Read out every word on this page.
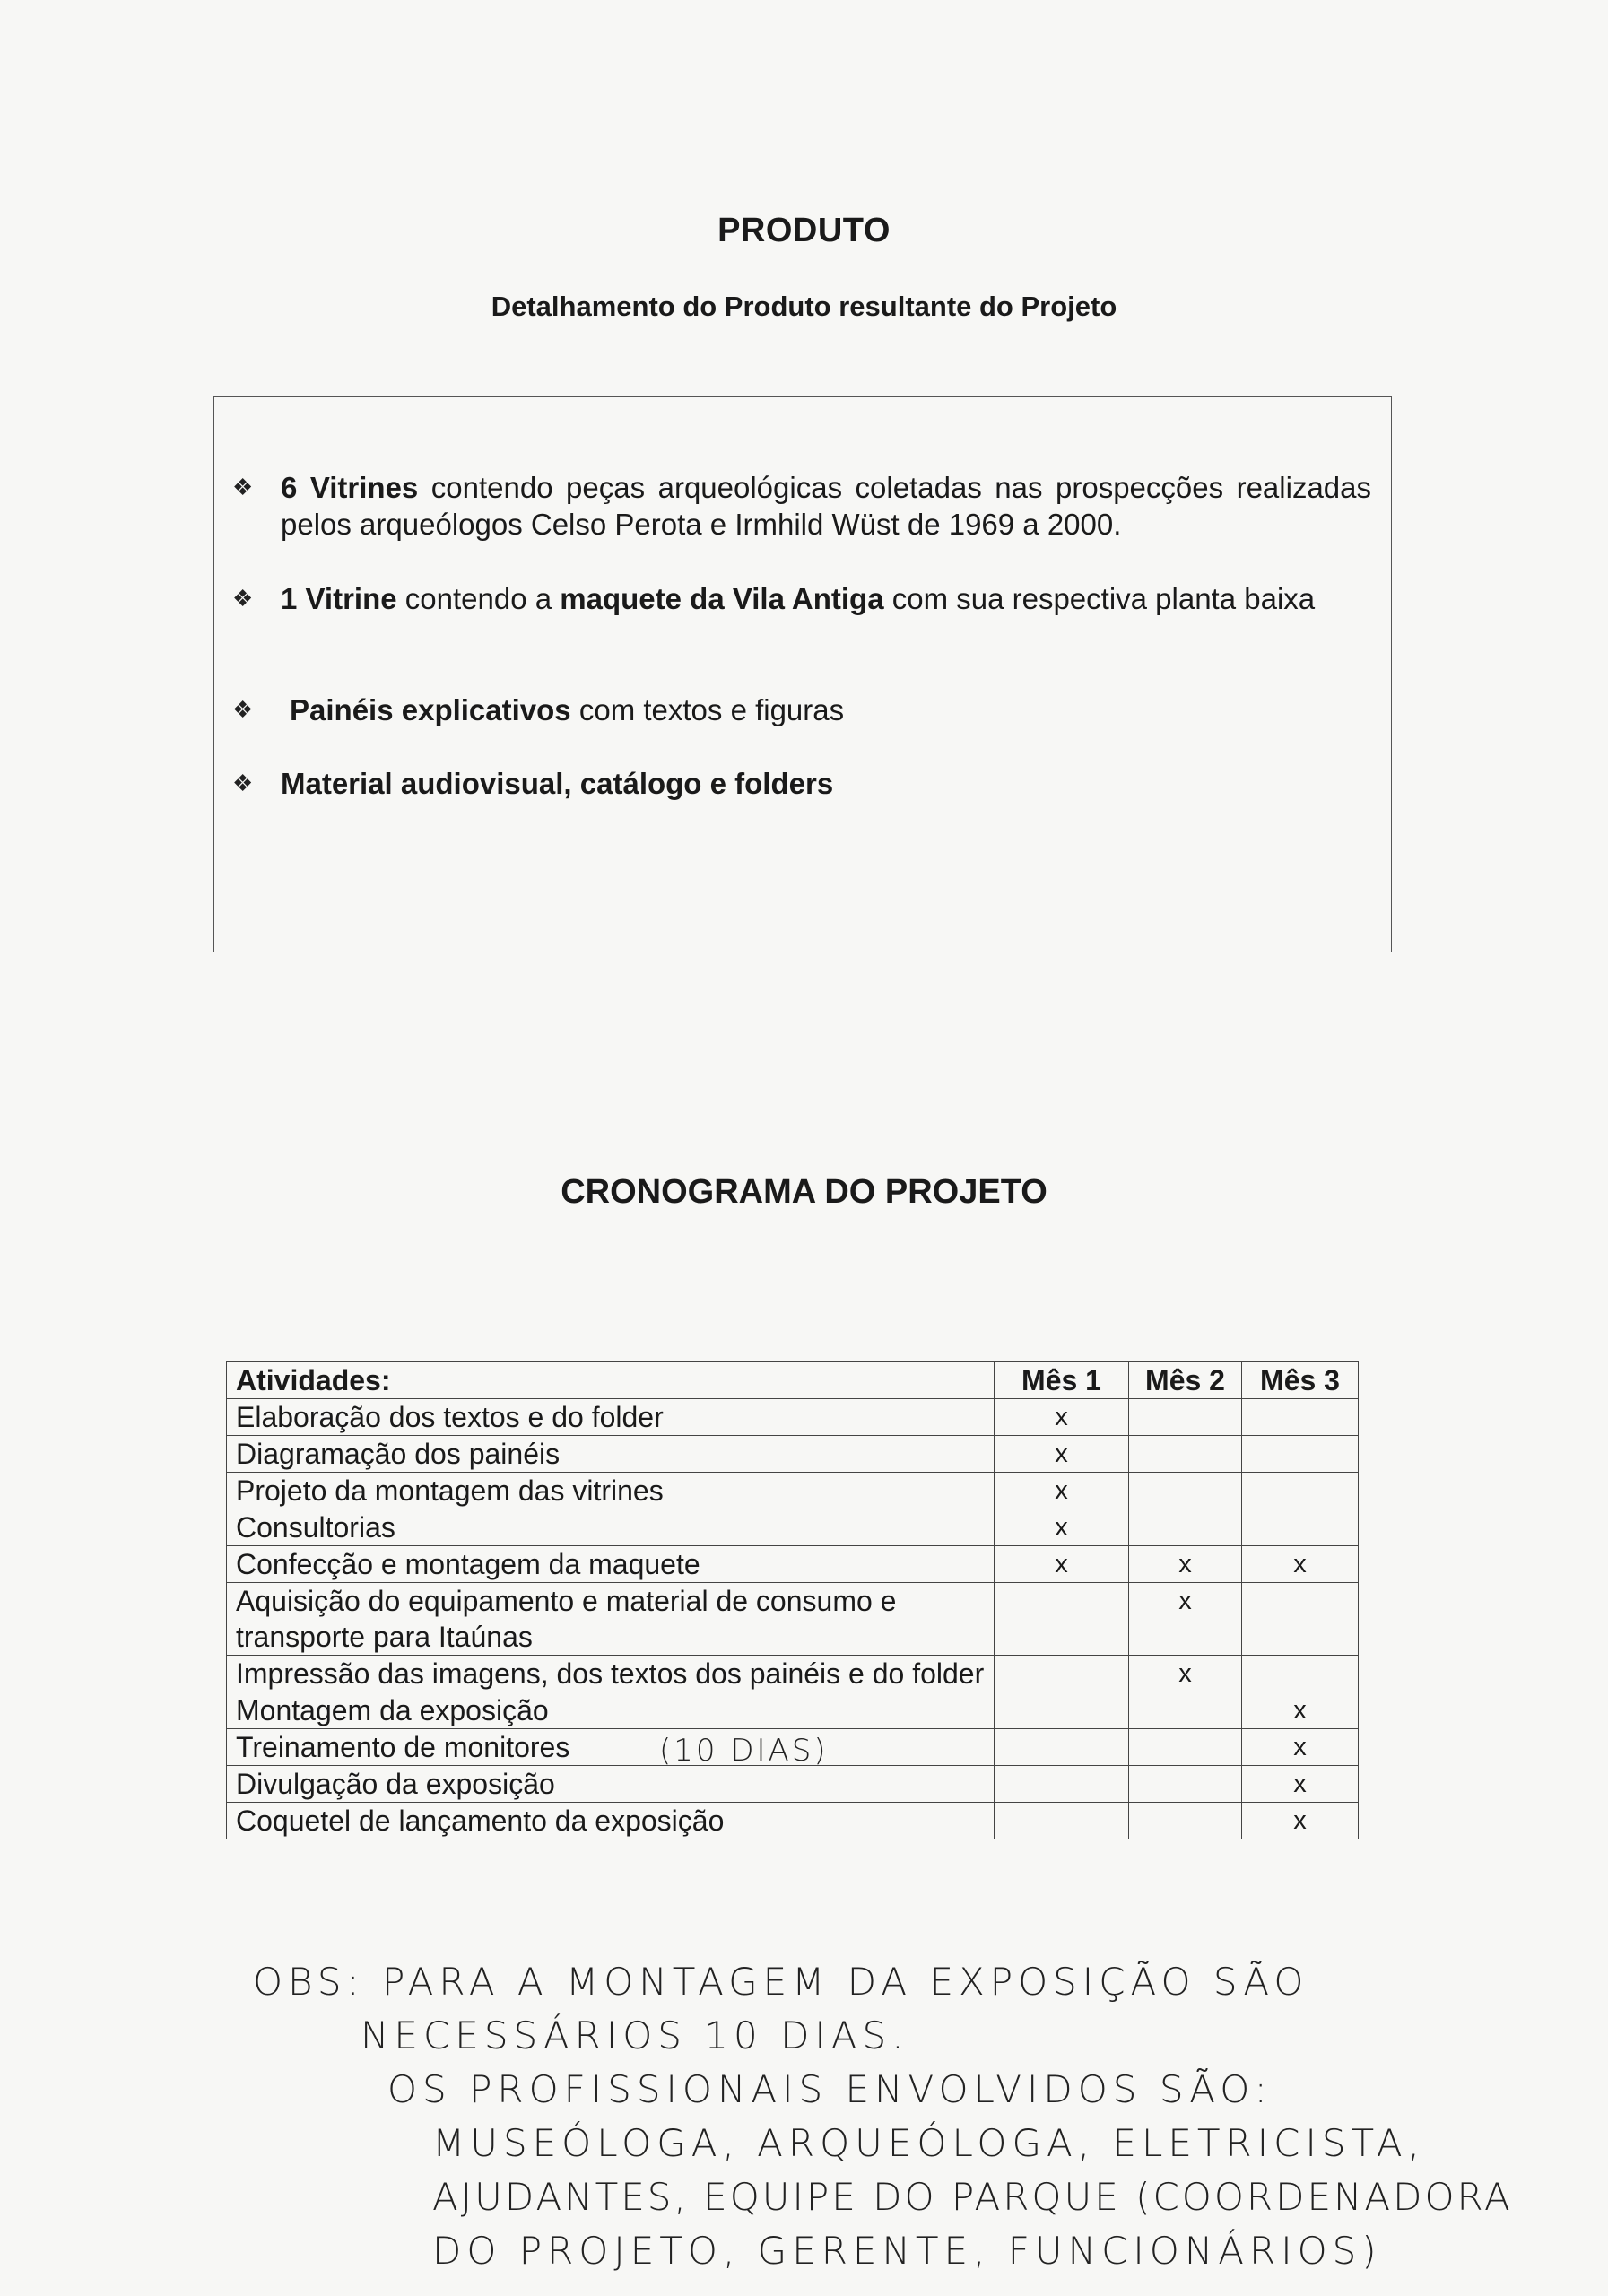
PRODUTO
Detalhamento do Produto resultante do Projeto
❖ 6 Vitrines contendo peças arqueológicas coletadas nas prospecções realizadas pelos arqueólogos Celso Perota e Irmhild Wüst de 1969 a 2000.
❖ 1 Vitrine contendo a maquete da Vila Antiga com sua respectiva planta baixa
❖ Painéis explicativos com textos e figuras
❖ Material audiovisual, catálogo e folders
CRONOGRAMA DO PROJETO
Atividades:	Mês 1	Mês 2	Mês 3
Elaboração dos textos e do folder	x		
Diagramação dos painéis	x		
Projeto da montagem das vitrines	x		
Consultorias	x		
Confecção e montagem da maquete	x	x	x
Aquisição do equipamento e material de consumo e transporte para Itaúnas		x	
Impressão das imagens, dos textos dos painéis e do folder		x	
Montagem da exposição			x
Treinamento de monitores			x
Divulgação da exposição			x
Coquetel de lançamento da exposição			x
(10 DIAS)
OBS: PARA A MONTAGEM DA EXPOSIÇÃO SÃO
NECESSÁRIOS 10 DIAS.
OS PROFISSIONAIS ENVOLVIDOS SÃO:
MUSEÓLOGA, ARQUEÓLOGA, ELETRICISTA,
AJUDANTES, EQUIPE DO PARQUE (COORDENADORA
DO PROJETO, GERENTE, FUNCIONÁRIOS)
